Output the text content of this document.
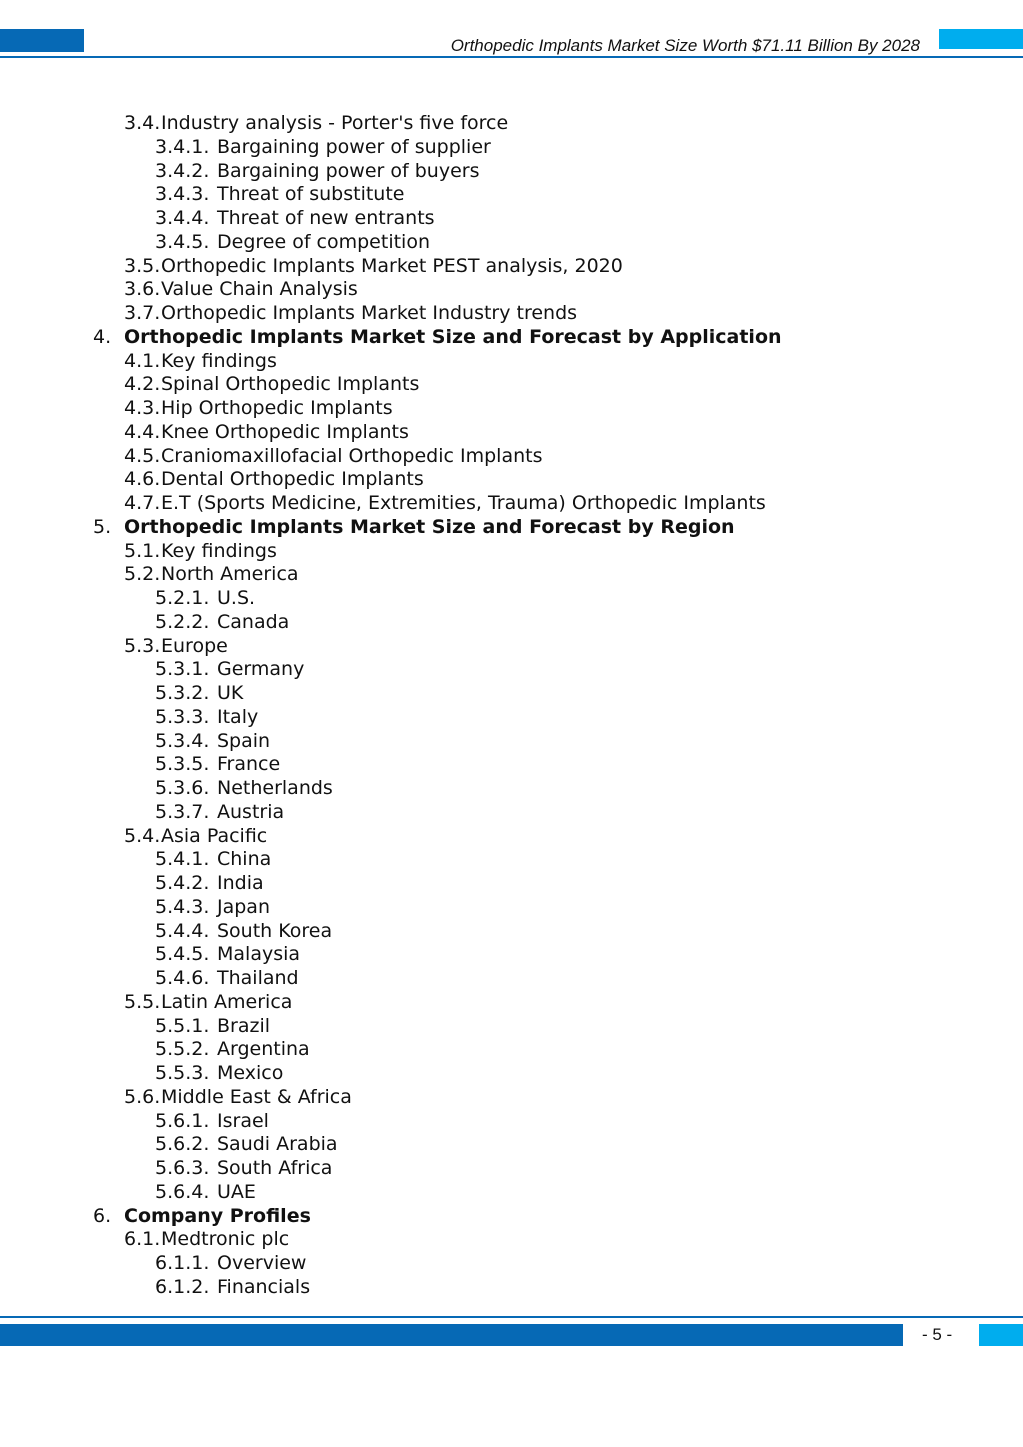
Orthopedic Implants Market Size Worth $71.11 Billion By 2028
3.4. Industry analysis - Porter's five force
3.4.1. Bargaining power of supplier
3.4.2. Bargaining power of buyers
3.4.3. Threat of substitute
3.4.4. Threat of new entrants
3.4.5. Degree of competition
3.5. Orthopedic Implants Market PEST analysis, 2020
3.6. Value Chain Analysis
3.7. Orthopedic Implants Market Industry trends
4. Orthopedic Implants Market Size and Forecast by Application
4.1. Key findings
4.2. Spinal Orthopedic Implants
4.3. Hip Orthopedic Implants
4.4. Knee Orthopedic Implants
4.5. Craniomaxillofacial Orthopedic Implants
4.6. Dental Orthopedic Implants
4.7. E.T (Sports Medicine, Extremities, Trauma) Orthopedic Implants
5. Orthopedic Implants Market Size and Forecast by Region
5.1. Key findings
5.2. North America
5.2.1. U.S.
5.2.2. Canada
5.3. Europe
5.3.1. Germany
5.3.2. UK
5.3.3. Italy
5.3.4. Spain
5.3.5. France
5.3.6. Netherlands
5.3.7. Austria
5.4. Asia Pacific
5.4.1. China
5.4.2. India
5.4.3. Japan
5.4.4. South Korea
5.4.5. Malaysia
5.4.6. Thailand
5.5. Latin America
5.5.1. Brazil
5.5.2. Argentina
5.5.3. Mexico
5.6. Middle East & Africa
5.6.1. Israel
5.6.2. Saudi Arabia
5.6.3. South Africa
5.6.4. UAE
6. Company Profiles
6.1. Medtronic plc
6.1.1. Overview
6.1.2. Financials
- 5 -
